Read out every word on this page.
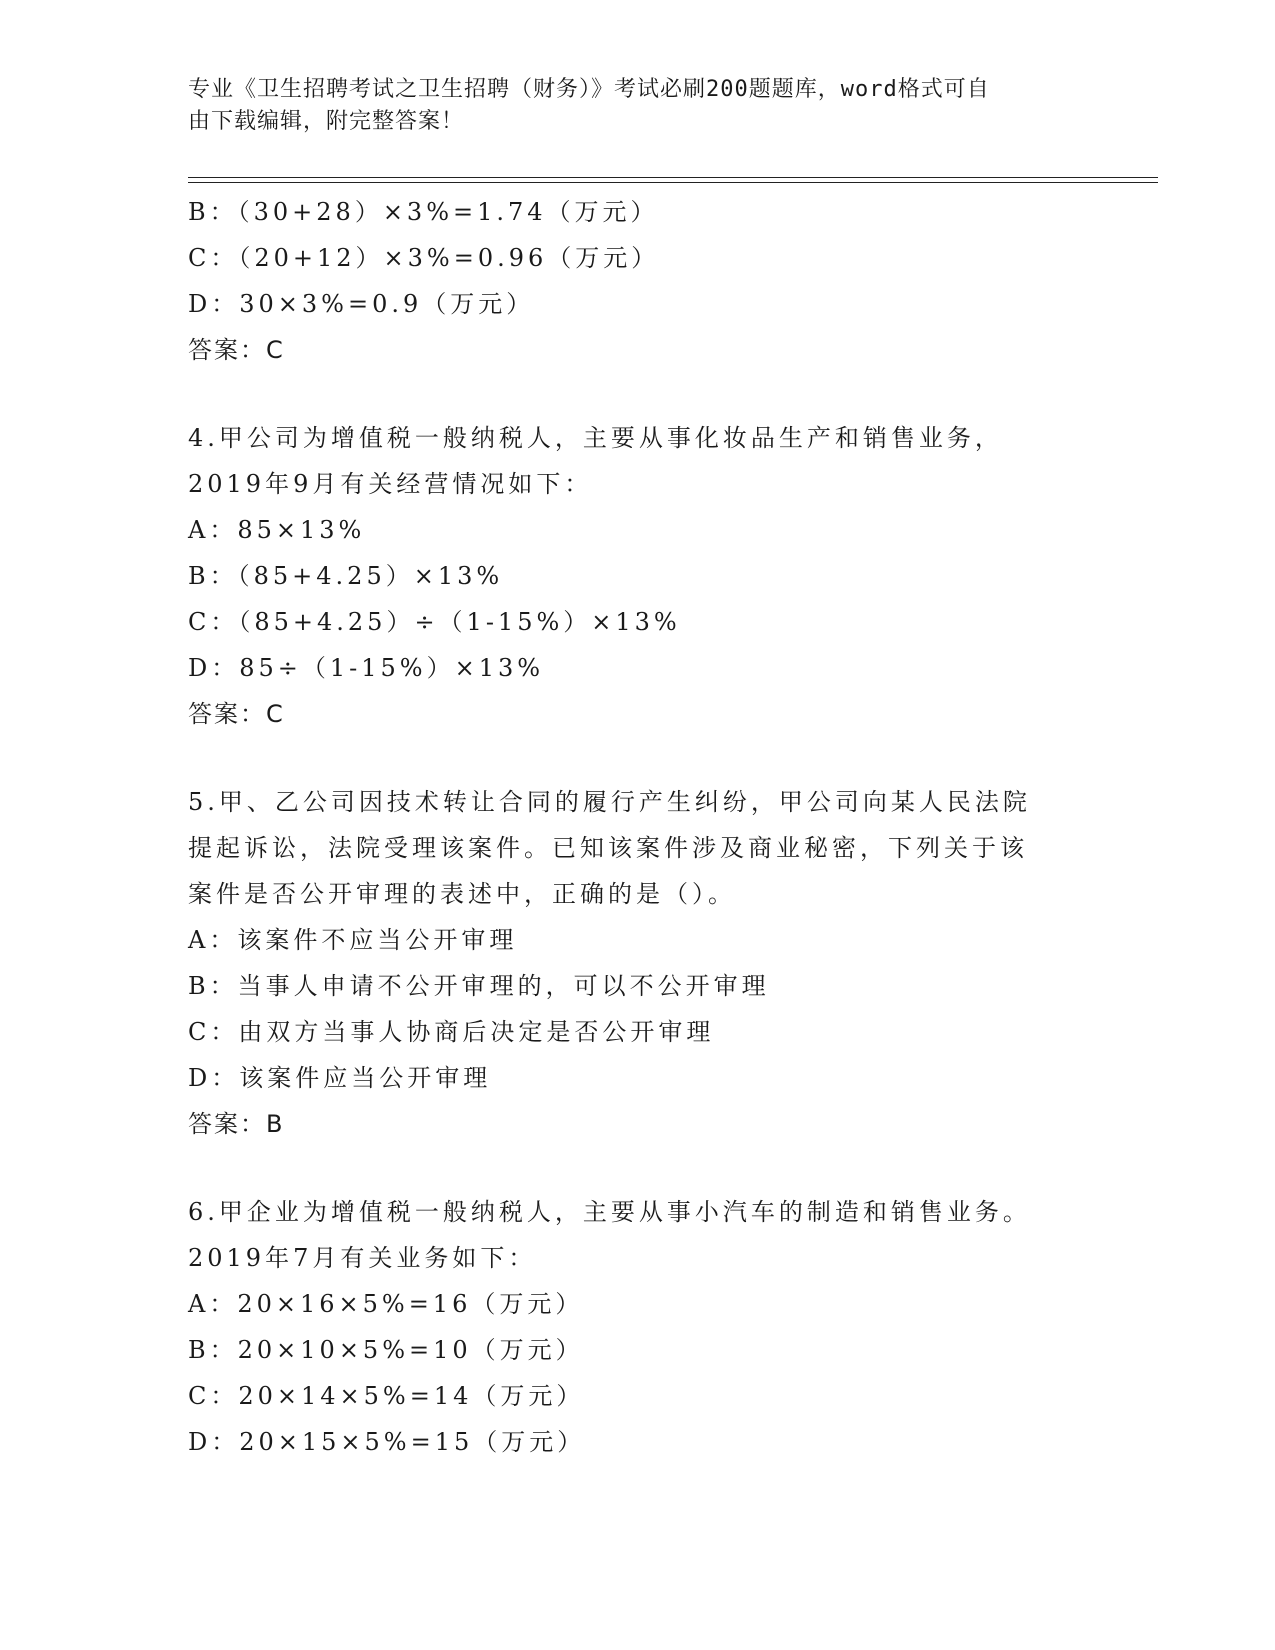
专业《卫生招聘考试之卫生招聘（财务）》考试必刷200题题库，word格式可自
由下载编辑，附完整答案！
B：（30+28）×3%=1.74（万元）
C：（20+12）×3%=0.96（万元）
D：30×3%=0.9（万元）
答案：C
4.甲公司为增值税一般纳税人，主要从事化妆品生产和销售业务，
2019年9月有关经营情况如下：
A：85×13%
B：（85+4.25）×13%
C：（85+4.25）÷（1-15%）×13%
D：85÷（1-15%）×13%
答案：C
5.甲、乙公司因技术转让合同的履行产生纠纷，甲公司向某人民法院
提起诉讼，法院受理该案件。已知该案件涉及商业秘密，下列关于该
案件是否公开审理的表述中，正确的是（）。
A：该案件不应当公开审理
B：当事人申请不公开审理的，可以不公开审理
C：由双方当事人协商后决定是否公开审理
D：该案件应当公开审理
答案：B
6.甲企业为增值税一般纳税人，主要从事小汽车的制造和销售业务。
2019年7月有关业务如下：
A：20×16×5%=16（万元）
B：20×10×5%=10（万元）
C：20×14×5%=14（万元）
D：20×15×5%=15（万元）
